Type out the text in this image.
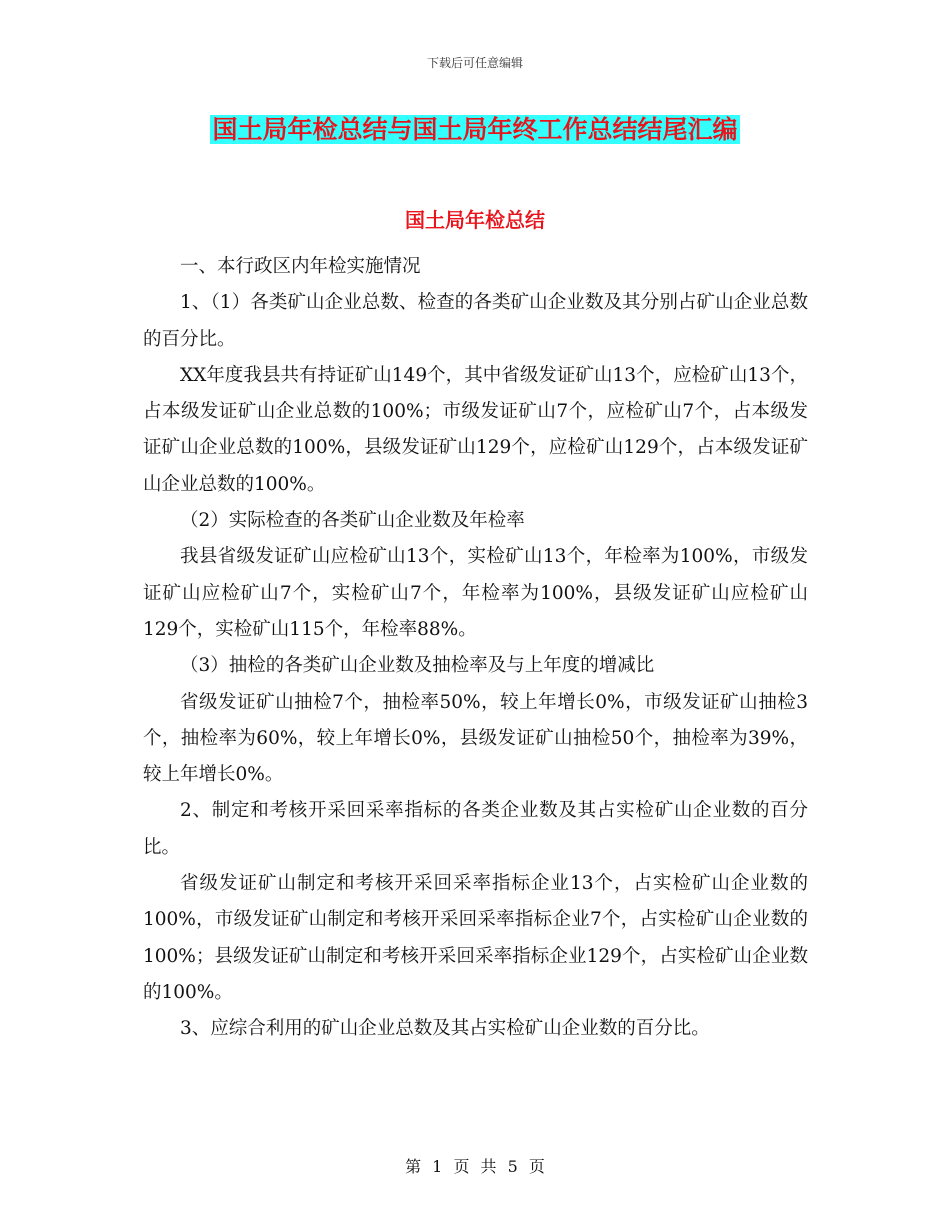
下载后可任意编辑
国土局年检总结与国土局年终工作总结结尾汇编
国土局年检总结

一、本行政区内年检实施情况

1、（1）各类矿山企业总数、检查的各类矿山企业数及其分别占矿山企业总数的百分比。

XX年度我县共有持证矿山149个，其中省级发证矿山13个，应检矿山13个，占本级发证矿山企业总数的100%；市级发证矿山7个，应检矿山7个，占本级发证矿山企业总数的100%，县级发证矿山129个，应检矿山129个，占本级发证矿山企业总数的100%。

（2）实际检查的各类矿山企业数及年检率

我县省级发证矿山应检矿山13个，实检矿山13个，年检率为100%，市级发证矿山应检矿山7个，实检矿山7个，年检率为100%，县级发证矿山应检矿山129个，实检矿山115个，年检率88%。

（3）抽检的各类矿山企业数及抽检率及与上年度的增减比

省级发证矿山抽检7个，抽检率50%，较上年增长0%，市级发证矿山抽检3个，抽检率为60%，较上年增长0%，县级发证矿山抽检50个，抽检率为39%，较上年增长0%。

2、制定和考核开采回采率指标的各类企业数及其占实检矿山企业数的百分比。

省级发证矿山制定和考核开采回采率指标企业13个，占实检矿山企业数的100%，市级发证矿山制定和考核开采回采率指标企业7个，占实检矿山企业数的100%；县级发证矿山制定和考核开采回采率指标企业129个，占实检矿山企业数的100%。

3、应综合利用的矿山企业总数及其占实检矿山企业数的百分比。

第 1 页 共 5 页
